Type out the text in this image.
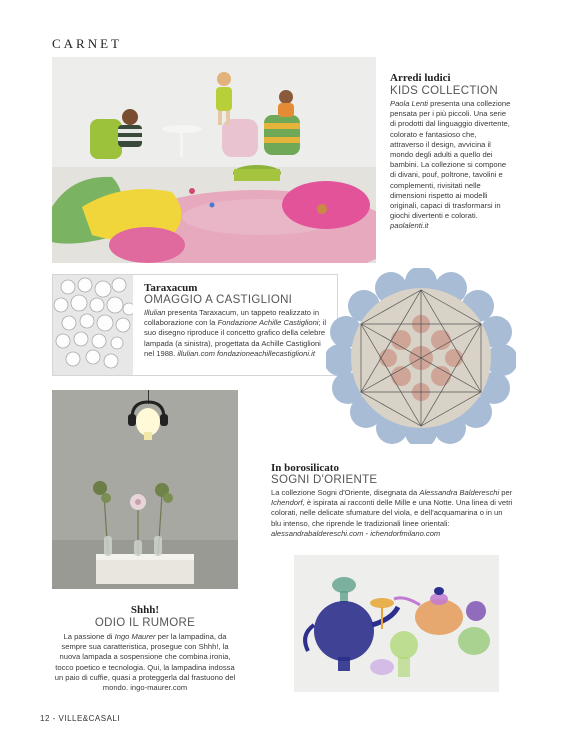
CARNET
Arredi ludici
KIDS COLLECTION
Paola Lenti presenta una collezione pensata per i più piccoli. Una serie di prodotti dal linguaggio divertente, colorato e fantasioso che, attraverso il design, avvicina il mondo degli adulti a quello dei bambini. La collezione si compone di divani, pouf, poltrone, tavolini e complementi, rivisitati nelle dimensioni rispetto ai modelli originali, capaci di trasformarsi in giochi divertenti e colorati. paolalenti.it
Taraxacum
OMAGGIO A CASTIGLIONI
Illulian presenta Taraxacum, un tappeto realizzato in collaborazione con la Fondazione Achille Castiglioni; il suo disegno riproduce il concetto grafico della celebre lampada (a sinistra), progettata da Achille Castiglioni nel 1988. illulian.com fondazioneachillecastiglioni.it
In borosilicato
SOGNI D'ORIENTE
La collezione Sogni d'Oriente, disegnata da Alessandra Baldereschi per Ichendorf, è ispirata ai racconti delle Mille e una Notte. Una linea di vetri colorati, nelle delicate sfumature del viola, e dell'acquamarina o in un blu intenso, che riprende le tradizionali linee orientali: alessandrabaldereschi.com - ichendorfmilano.com
Shhh!
ODIO IL RUMORE
La passione di Ingo Maurer per la lampadina, da sempre sua caratteristica, prosegue con Shhh!, la nuova lampada a sospensione che combina ironia, tocco poetico e tecnologia. Qui, la lampadina indossa un paio di cuffie, quasi a proteggerla dal frastuono del mondo. ingo-maurer.com
12 - VILLE&CASALI
